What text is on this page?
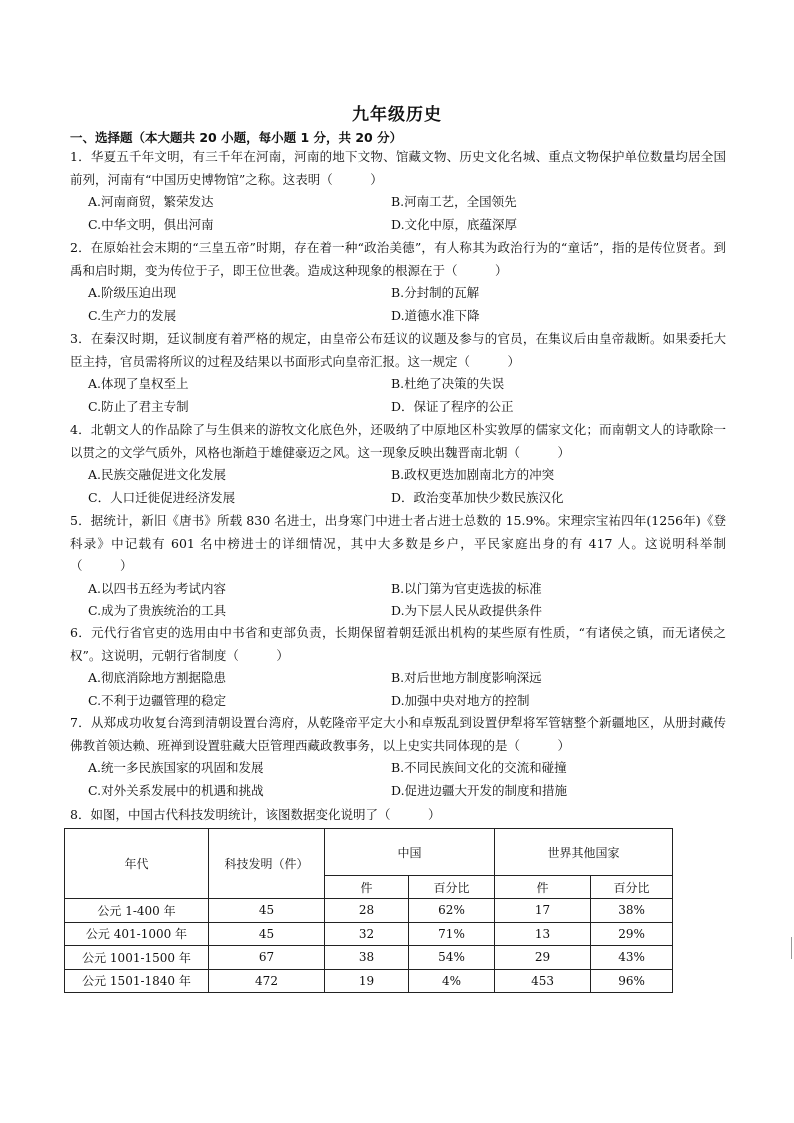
九年级历史
一、选择题（本大题共 20 小题，每小题 1 分，共 20 分）
1．华夏五千年文明，有三千年在河南，河南的地下文物、馆藏文物、历史文化名城、重点文物保护单位数量均居全国前列，河南有“中国历史博物馆”之称。这表明（　　　）
A.河南商贸，繁荣发达	B.河南工艺，全国领先
C.中华文明，俱出河南	D.文化中原，底蕴深厚
2．在原始社会末期的“三皇五帝”时期，存在着一种“政治美德”，有人称其为政治行为的“童话”，指的是传位贤者。到禹和启时期，变为传位于子，即王位世袭。造成这种现象的根源在于（　　　）
A.阶级压迫出现	B.分封制的瓦解
C.生产力的发展	D.道德水准下降
3．在秦汉时期，廷议制度有着严格的规定，由皇帝公布廷议的议题及参与的官员，在集议后由皇帝裁断。如果委托大臣主持，官员需将所议的过程及结果以书面形式向皇帝汇报。这一规定（　　　）
A.体现了皇权至上	B.杜绝了决策的失误
C.防止了君主专制	D．保证了程序的公正
4．北朝文人的作品除了与生俱来的游牧文化底色外，还吸纳了中原地区朴实敦厚的儒家文化；而南朝文人的诗歌除一以贯之的文学气质外，风格也渐趋于雄健豪迈之风。这一现象反映出魏晋南北朝（　　　）
A.民族交融促进文化发展	B.政权更迭加剧南北方的冲突
C．人口迁徙促进经济发展	D．政治变革加快少数民族汉化
5．据统计，新旧《唐书》所载 830 名进士，出身寒门中进士者占进士总数的 15.9%。宋理宗宝祐四年(1256年)《登科录》中记载有 601 名中榜进士的详细情况，其中大多数是乡户，平民家庭出身的有 417 人。这说明科举制（　　　）
A.以四书五经为考试内容	B.以门第为官吏选拔的标准
C.成为了贵族统治的工具	D.为下层人民从政提供条件
6．元代行省官吏的选用由中书省和吏部负责，长期保留着朝廷派出机构的某些原有性质，“有诸侯之镇，而无诸侯之权”。这说明，元朝行省制度（　　　）
A.彻底消除地方割据隐患	B.对后世地方制度影响深远
C.不利于边疆管理的稳定	D.加强中央对地方的控制
7．从郑成功收复台湾到清朝设置台湾府，从乾隆帝平定大小和卓叛乱到设置伊犁将军管辖整个新疆地区，从册封藏传佛教首领达赖、班禅到设置驻藏大臣管理西藏政教事务，以上史实共同体现的是（　　　）
A.统一多民族国家的巩固和发展	B.不同民族间文化的交流和碰撞
C.对外关系发展中的机遇和挑战	D.促进边疆大开发的制度和措施
8．如图，中国古代科技发明统计，该图数据变化说明了（　　　）
年代	科技发明（件）	中国		世界其他国家	
		件	百分比	件	百分比
公元 1-400 年	45	28	62%	17	38%
公元 401-1000 年	45	32	71%	13	29%
公元 1001-1500 年	67	38	54%	29	43%
公元 1501-1840 年	472	19	4%	453	96%
